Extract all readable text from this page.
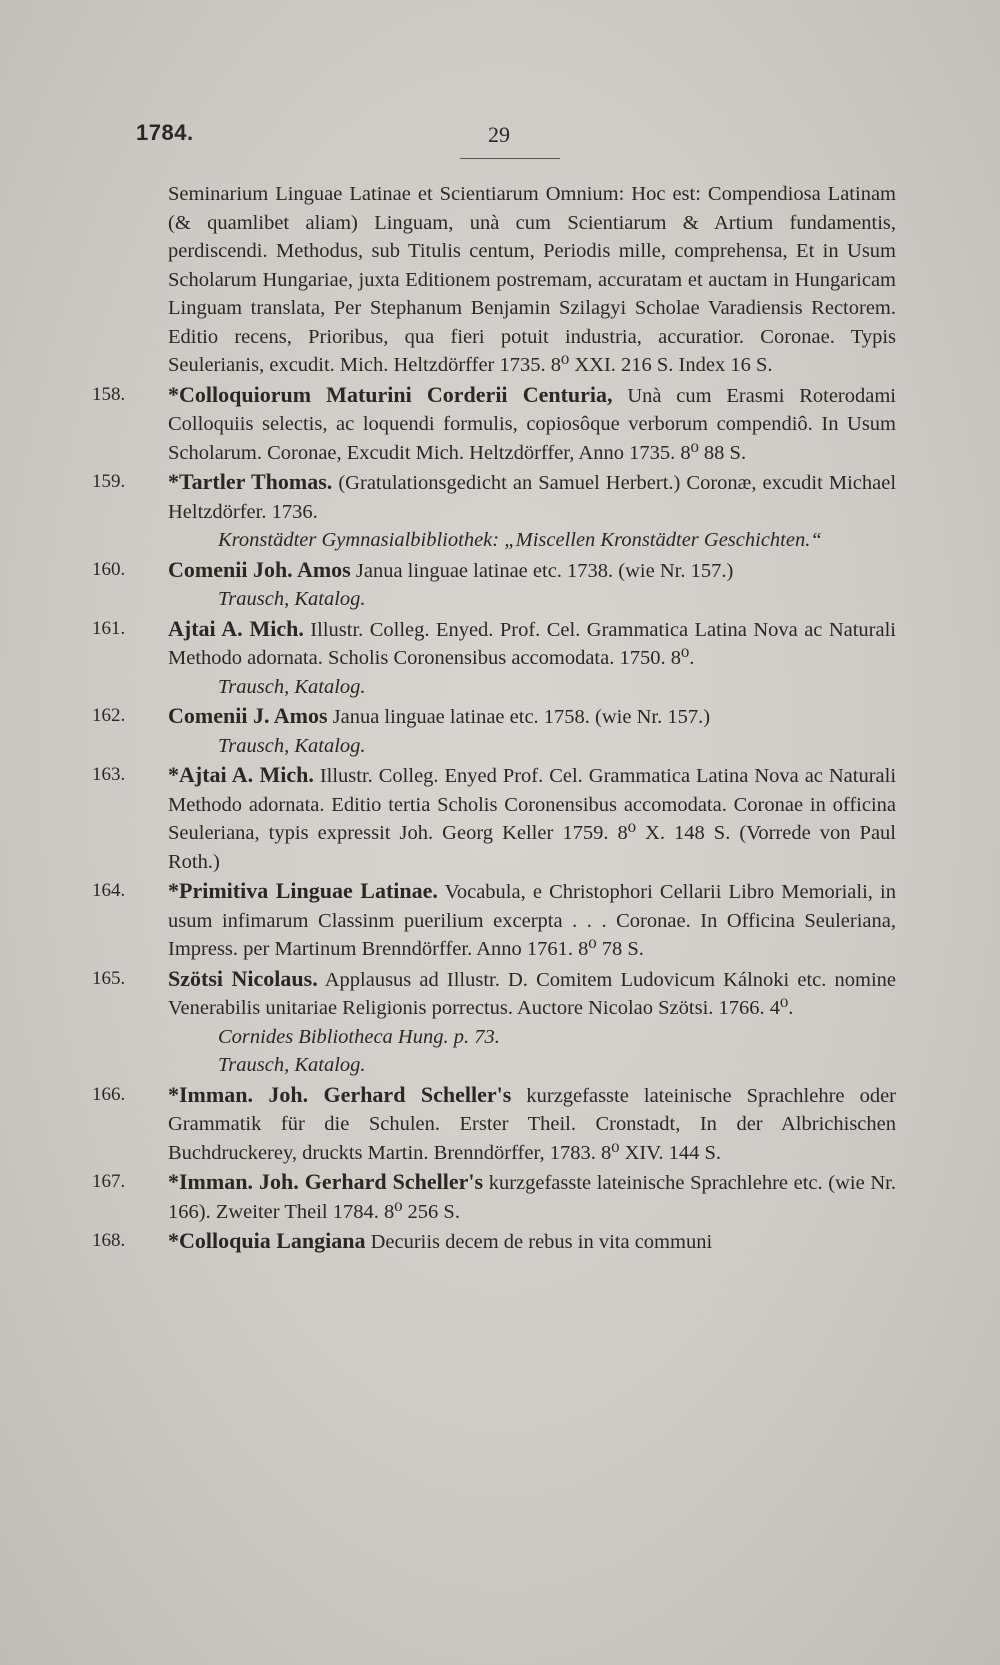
1784.	29
Seminarium Linguae Latinae et Scientiarum Omnium: Hoc est: Compendiosa Latinam (& quamlibet aliam) Linguam, unà cum Scientiarum & Artium fundamentis, perdiscendi. Methodus, sub Titulis centum, Periodis mille, comprehensa, Et in Usum Scholarum Hungariae, juxta Editionem postremam, accuratam et auctam in Hungaricam Linguam translata, Per Stephanum Benjamin Szilagyi Scholae Varadiensis Rectorem. Editio recens, Prioribus, qua fieri potuit industria, accuratior. Coronae. Typis Seulerianis, excudit. Mich. Heltzdörffer 1735. 8⁰ XXI. 216 S. Index 16 S.
158.	*Colloquiorum Maturini Corderii Centuria, Unà cum Erasmi Roterodami Colloquiis selectis, ac loquendi formulis, copiosôque verborum compendiô. In Usum Scholarum. Coronae, Excudit Mich. Heltzdörffer, Anno 1735. 8⁰ 88 S.
159.	*Tartler Thomas. (Gratulationsgedicht an Samuel Herbert.) Coronæ, excudit Michael Heltzdörfer. 1736.
Kronstädter Gymnasialbibliothek: „Miscellen Kronstädter Geschichten.“
160.	Comenii Joh. Amos Janua linguae latinae etc. 1738. (wie Nr. 157.)
Trausch, Katalog.
161.	Ajtai A. Mich. Illustr. Colleg. Enyed. Prof. Cel. Grammatica Latina Nova ac Naturali Methodo adornata. Scholis Coronensibus accomodata. 1750. 8⁰.
Trausch, Katalog.
162.	Comenii J. Amos Janua linguae latinae etc. 1758. (wie Nr. 157.)
Trausch, Katalog.
163.	*Ajtai A. Mich. Illustr. Colleg. Enyed Prof. Cel. Grammatica Latina Nova ac Naturali Methodo adornata. Editio tertia Scholis Coronensibus accomodata. Coronae in officina Seuleriana, typis expressit Joh. Georg Keller 1759. 8⁰ X. 148 S. (Vorrede von Paul Roth.)
164.	*Primitiva Linguae Latinae. Vocabula, e Christophori Cellarii Libro Memoriali, in usum infimarum Classinm puerilium excerpta . . . Coronae. In Officina Seuleriana, Impress. per Martinum Brenndörffer. Anno 1761. 8⁰ 78 S.
165.	Szötsi Nicolaus. Applausus ad Illustr. D. Comitem Ludovicum Kálnoki etc. nomine Venerabilis unitariae Religionis porrectus. Auctore Nicolao Szötsi. 1766. 4⁰.
Cornides Bibliotheca Hung. p. 73.
Trausch, Katalog.
166.	*Imman. Joh. Gerhard Scheller's kurzgefasste lateinische Sprachlehre oder Grammatik für die Schulen. Erster Theil. Cronstadt, In der Albrichischen Buchdruckerey, druckts Martin. Brenndörffer, 1783. 8⁰ XIV. 144 S.
167.	*Imman. Joh. Gerhard Scheller's kurzgefasste lateinische Sprachlehre etc. (wie Nr. 166). Zweiter Theil 1784. 8⁰ 256 S.
168.	*Colloquia Langiana Decuriis decem de rebus in vita communi
